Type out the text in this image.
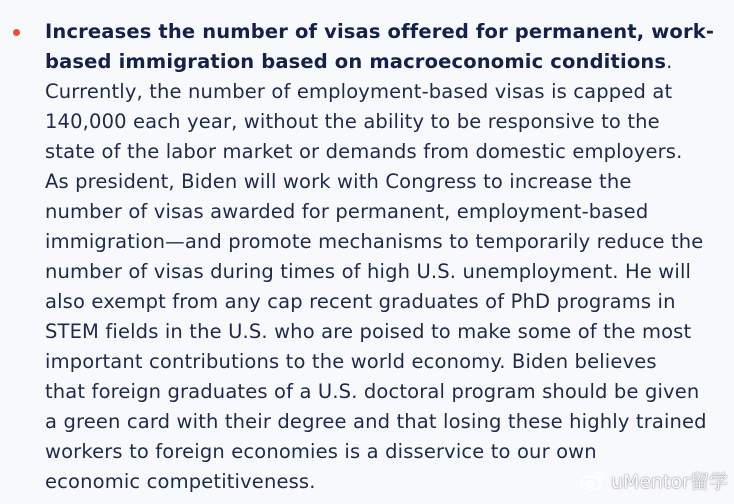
Increases the number of visas offered for permanent, work-
based immigration based on macroeconomic conditions.
Currently, the number of employment-based visas is capped at
140,000 each year, without the ability to be responsive to the
state of the labor market or demands from domestic employers.
As president, Biden will work with Congress to increase the
number of visas awarded for permanent, employment-based
immigration—and promote mechanisms to temporarily reduce the
number of visas during times of high U.S. unemployment. He will
also exempt from any cap recent graduates of PhD programs in
STEM fields in the U.S. who are poised to make some of the most
important contributions to the world economy. Biden believes
that foreign graduates of a U.S. doctoral program should be given
a green card with their degree and that losing these highly trained
workers to foreign economies is a disservice to our own
economic competitiveness.	uMentor留学
